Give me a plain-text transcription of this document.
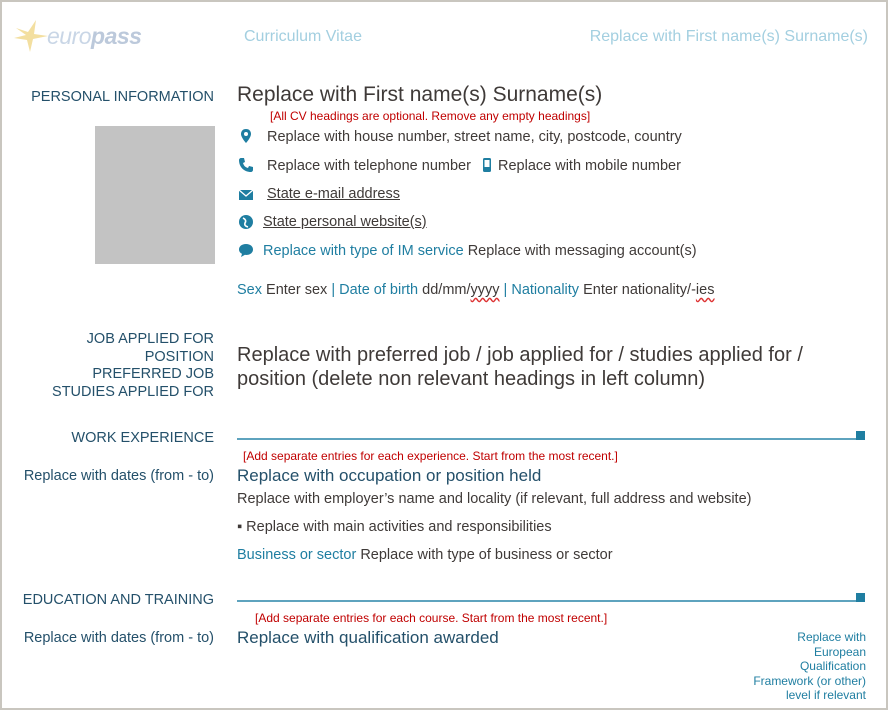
europass	Curriculum Vitae	Replace with First name(s) Surname(s)
PERSONAL INFORMATION Replace with First name(s) Surname(s)
[All CV headings are optional. Remove any empty headings]
Replace with house number, street name, city, postcode, country
Replace with telephone number Replace with mobile number
State e-mail address
State personal website(s)
Replace with type of IM service Replace with messaging account(s)
Sex Enter sex | Date of birth dd/mm/yyyy | Nationality Enter nationality/-ies
JOB APPLIED FOR
POSITION
PREFERRED JOB
STUDIES APPLIED FOR
Replace with preferred job / job applied for / studies applied for / position (delete non relevant headings in left column)
WORK EXPERIENCE
[Add separate entries for each experience. Start from the most recent.]
Replace with dates (from - to) Replace with occupation or position held
Replace with employer’s name and locality (if relevant, full address and website)
▪ Replace with main activities and responsibilities
Business or sector Replace with type of business or sector
EDUCATION AND TRAINING
[Add separate entries for each course. Start from the most recent.]
Replace with dates (from - to) Replace with qualification awarded	Replace with
European
Qualification
Framework (or other)
level if relevant
